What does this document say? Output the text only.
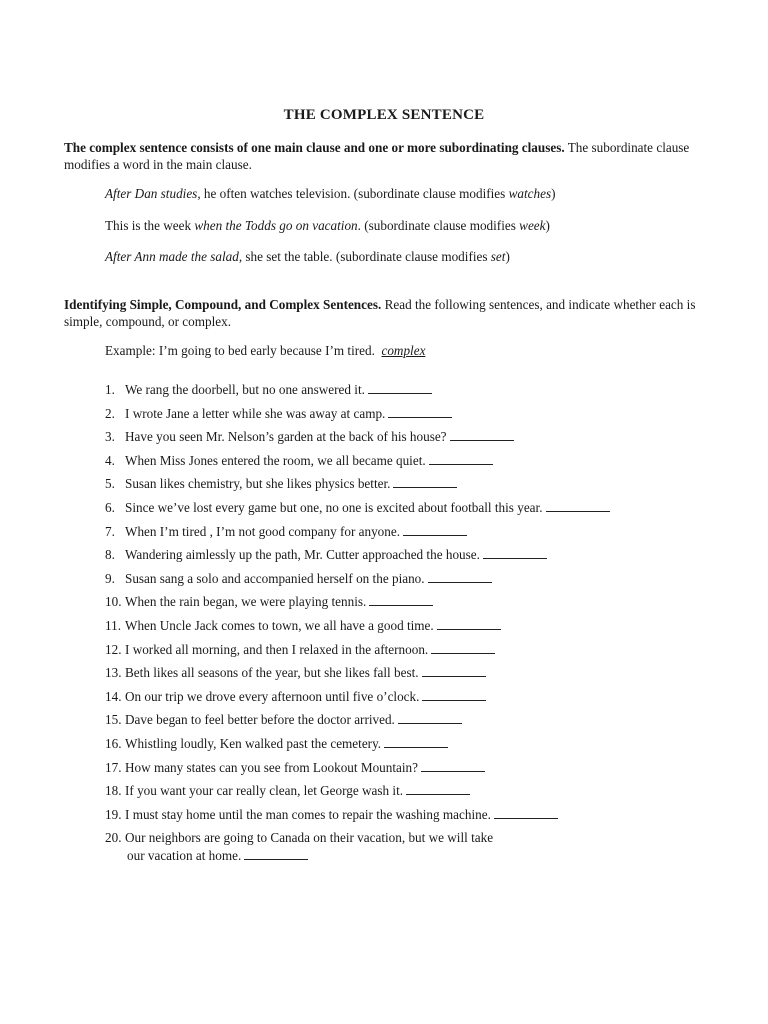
THE COMPLEX SENTENCE
The complex sentence consists of one main clause and one or more subordinating clauses. The subordinate clause modifies a word in the main clause.
After Dan studies, he often watches television. (subordinate clause modifies watches)
This is the week when the Todds go on vacation. (subordinate clause modifies week)
After Ann made the salad, she set the table. (subordinate clause modifies set)
Identifying Simple, Compound, and Complex Sentences. Read the following sentences, and indicate whether each is simple, compound, or complex.
Example: I’m going to bed early because I’m tired. complex
1. We rang the doorbell, but no one answered it.
2. I wrote Jane a letter while she was away at camp.
3. Have you seen Mr. Nelson’s garden at the back of his house?
4. When Miss Jones entered the room, we all became quiet.
5. Susan likes chemistry, but she likes physics better.
6. Since we’ve lost every game but one, no one is excited about football this year.
7. When I’m tired , I’m not good company for anyone.
8. Wandering aimlessly up the path, Mr. Cutter approached the house.
9. Susan sang a solo and accompanied herself on the piano.
10. When the rain began, we were playing tennis.
11. When Uncle Jack comes to town, we all have a good time.
12. I worked all morning, and then I relaxed in the afternoon.
13. Beth likes all seasons of the year, but she likes fall best.
14. On our trip we drove every afternoon until five o’clock.
15. Dave began to feel better before the doctor arrived.
16. Whistling loudly, Ken walked past the cemetery.
17. How many states can you see from Lookout Mountain?
18. If you want your car really clean, let George wash it.
19. I must stay home until the man comes to repair the washing machine.
20. Our neighbors are going to Canada on their vacation, but we will take
our vacation at home.
